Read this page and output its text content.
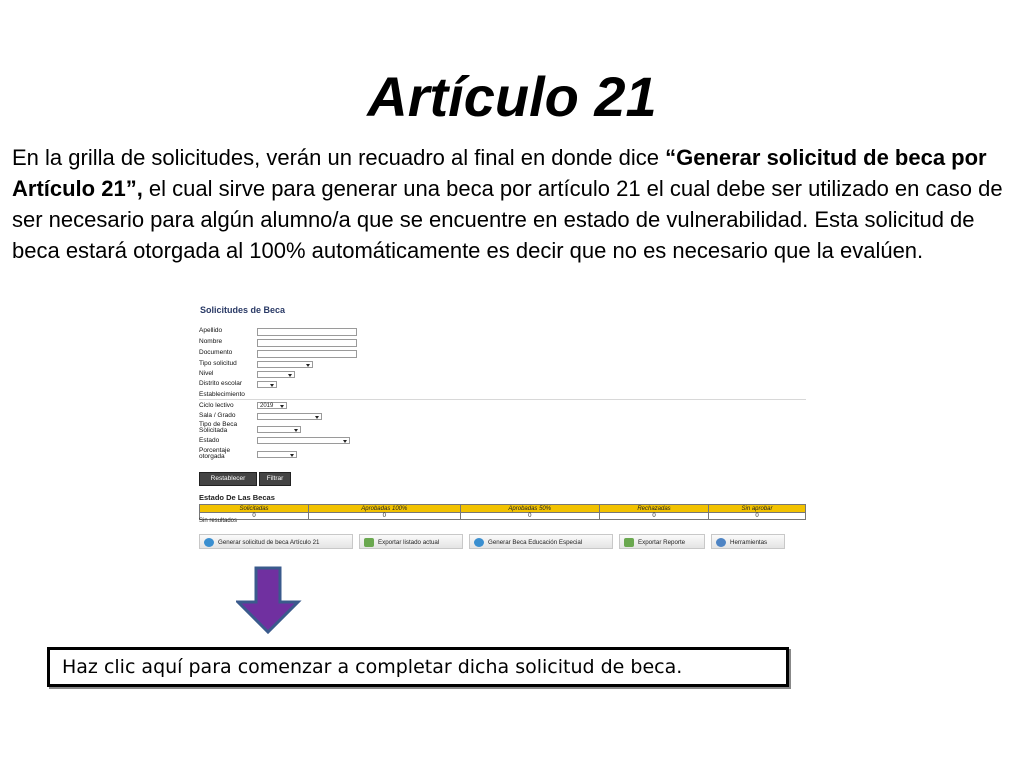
Artículo 21
En la grilla de solicitudes, verán un recuadro al final en donde dice “Generar solicitud de beca por Artículo 21”, el cual sirve para generar una beca por artículo 21 el cual debe ser utilizado en caso de ser necesario para algún alumno/a que se encuentre en estado de vulnerabilidad. Esta solicitud de beca estará otorgada al 100% automáticamente es decir que no es necesario que la evalúen.
Solicitudes de Beca
Apellido
Nombre
Documento
Tipo solicitud
Nivel
Distrito escolar
Establecimiento
Ciclo lectivo	2019
Sala / Grado
Tipo de Beca
Solicitada
Estado
Porcentaje
otorgada
Restablecer	Filtrar
Estado De Las Becas
Solicitadas	Aprobadas 100%	Aprobadas 50%	Rechazadas	Sin aprobar
0	0	0	0	0
Sin resultados
Generar solicitud de beca Artículo 21	Exportar listado actual	Generar Beca Educación Especial	Exportar Reporte	Herramientas
Haz clic aquí para comenzar a completar dicha solicitud de beca.
